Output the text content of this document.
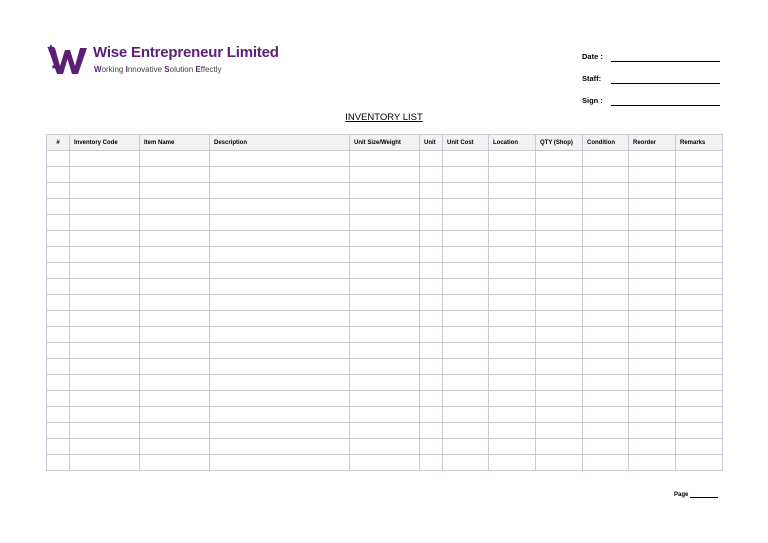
Wise Entrepreneur Limited
Working Innovative Solution Effectly
Date :
Staff:
Sign :
INVENTORY LIST
#	Inventory Code	Item Name	Description	Unit Size/Weight	Unit	Unit Cost	Location	QTY (Shop)	Condition	Reorder	Remarks

Page
